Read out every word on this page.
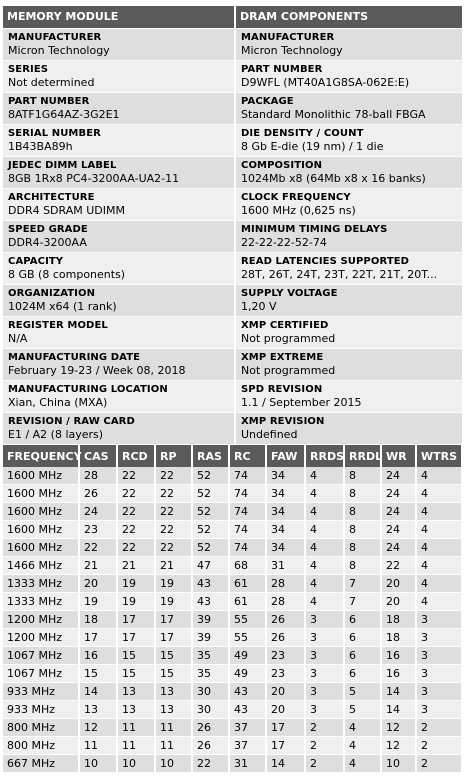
MEMORY MODULE	DRAM COMPONENTS
MANUFACTURER
Micron Technology
SERIES
Not determined
PART NUMBER
8ATF1G64AZ-3G2E1
SERIAL NUMBER
1B43BA89h
JEDEC DIMM LABEL
8GB 1Rx8 PC4-3200AA-UA2-11
ARCHITECTURE
DDR4 SDRAM UDIMM
SPEED GRADE
DDR4-3200AA
CAPACITY
8 GB (8 components)
ORGANIZATION
1024M x64 (1 rank)
REGISTER MODEL
N/A
MANUFACTURING DATE
February 19-23 / Week 08, 2018
MANUFACTURING LOCATION
Xian, China (MXA)
REVISION / RAW CARD
E1 / A2 (8 layers)
MANUFACTURER
Micron Technology
PART NUMBER
D9WFL (MT40A1G8SA-062E:E)
PACKAGE
Standard Monolithic 78-ball FBGA
DIE DENSITY / COUNT
8 Gb E-die (19 nm) / 1 die
COMPOSITION
1024Mb x8 (64Mb x8 x 16 banks)
CLOCK FREQUENCY
1600 MHz (0,625 ns)
MINIMUM TIMING DELAYS
22-22-22-52-74
READ LATENCIES SUPPORTED
28T, 26T, 24T, 23T, 22T, 21T, 20T...
SUPPLY VOLTAGE
1,20 V
XMP CERTIFIED
Not programmed
XMP EXTREME
Not programmed
SPD REVISION
1.1 / September 2015
XMP REVISION
Undefined
FREQUENCY	CAS	RCD	RP	RAS	RC	FAW	RRDS	RRDL	WR	WTRS
1600 MHz	28	22	22	52	74	34	4	8	24	4
1600 MHz	26	22	22	52	74	34	4	8	24	4
1600 MHz	24	22	22	52	74	34	4	8	24	4
1600 MHz	23	22	22	52	74	34	4	8	24	4
1600 MHz	22	22	22	52	74	34	4	8	24	4
1466 MHz	21	21	21	47	68	31	4	8	22	4
1333 MHz	20	19	19	43	61	28	4	7	20	4
1333 MHz	19	19	19	43	61	28	4	7	20	4
1200 MHz	18	17	17	39	55	26	3	6	18	3
1200 MHz	17	17	17	39	55	26	3	6	18	3
1067 MHz	16	15	15	35	49	23	3	6	16	3
1067 MHz	15	15	15	35	49	23	3	6	16	3
933 MHz	14	13	13	30	43	20	3	5	14	3
933 MHz	13	13	13	30	43	20	3	5	14	3
800 MHz	12	11	11	26	37	17	2	4	12	2
800 MHz	11	11	11	26	37	17	2	4	12	2
667 MHz	10	10	10	22	31	14	2	4	10	2
